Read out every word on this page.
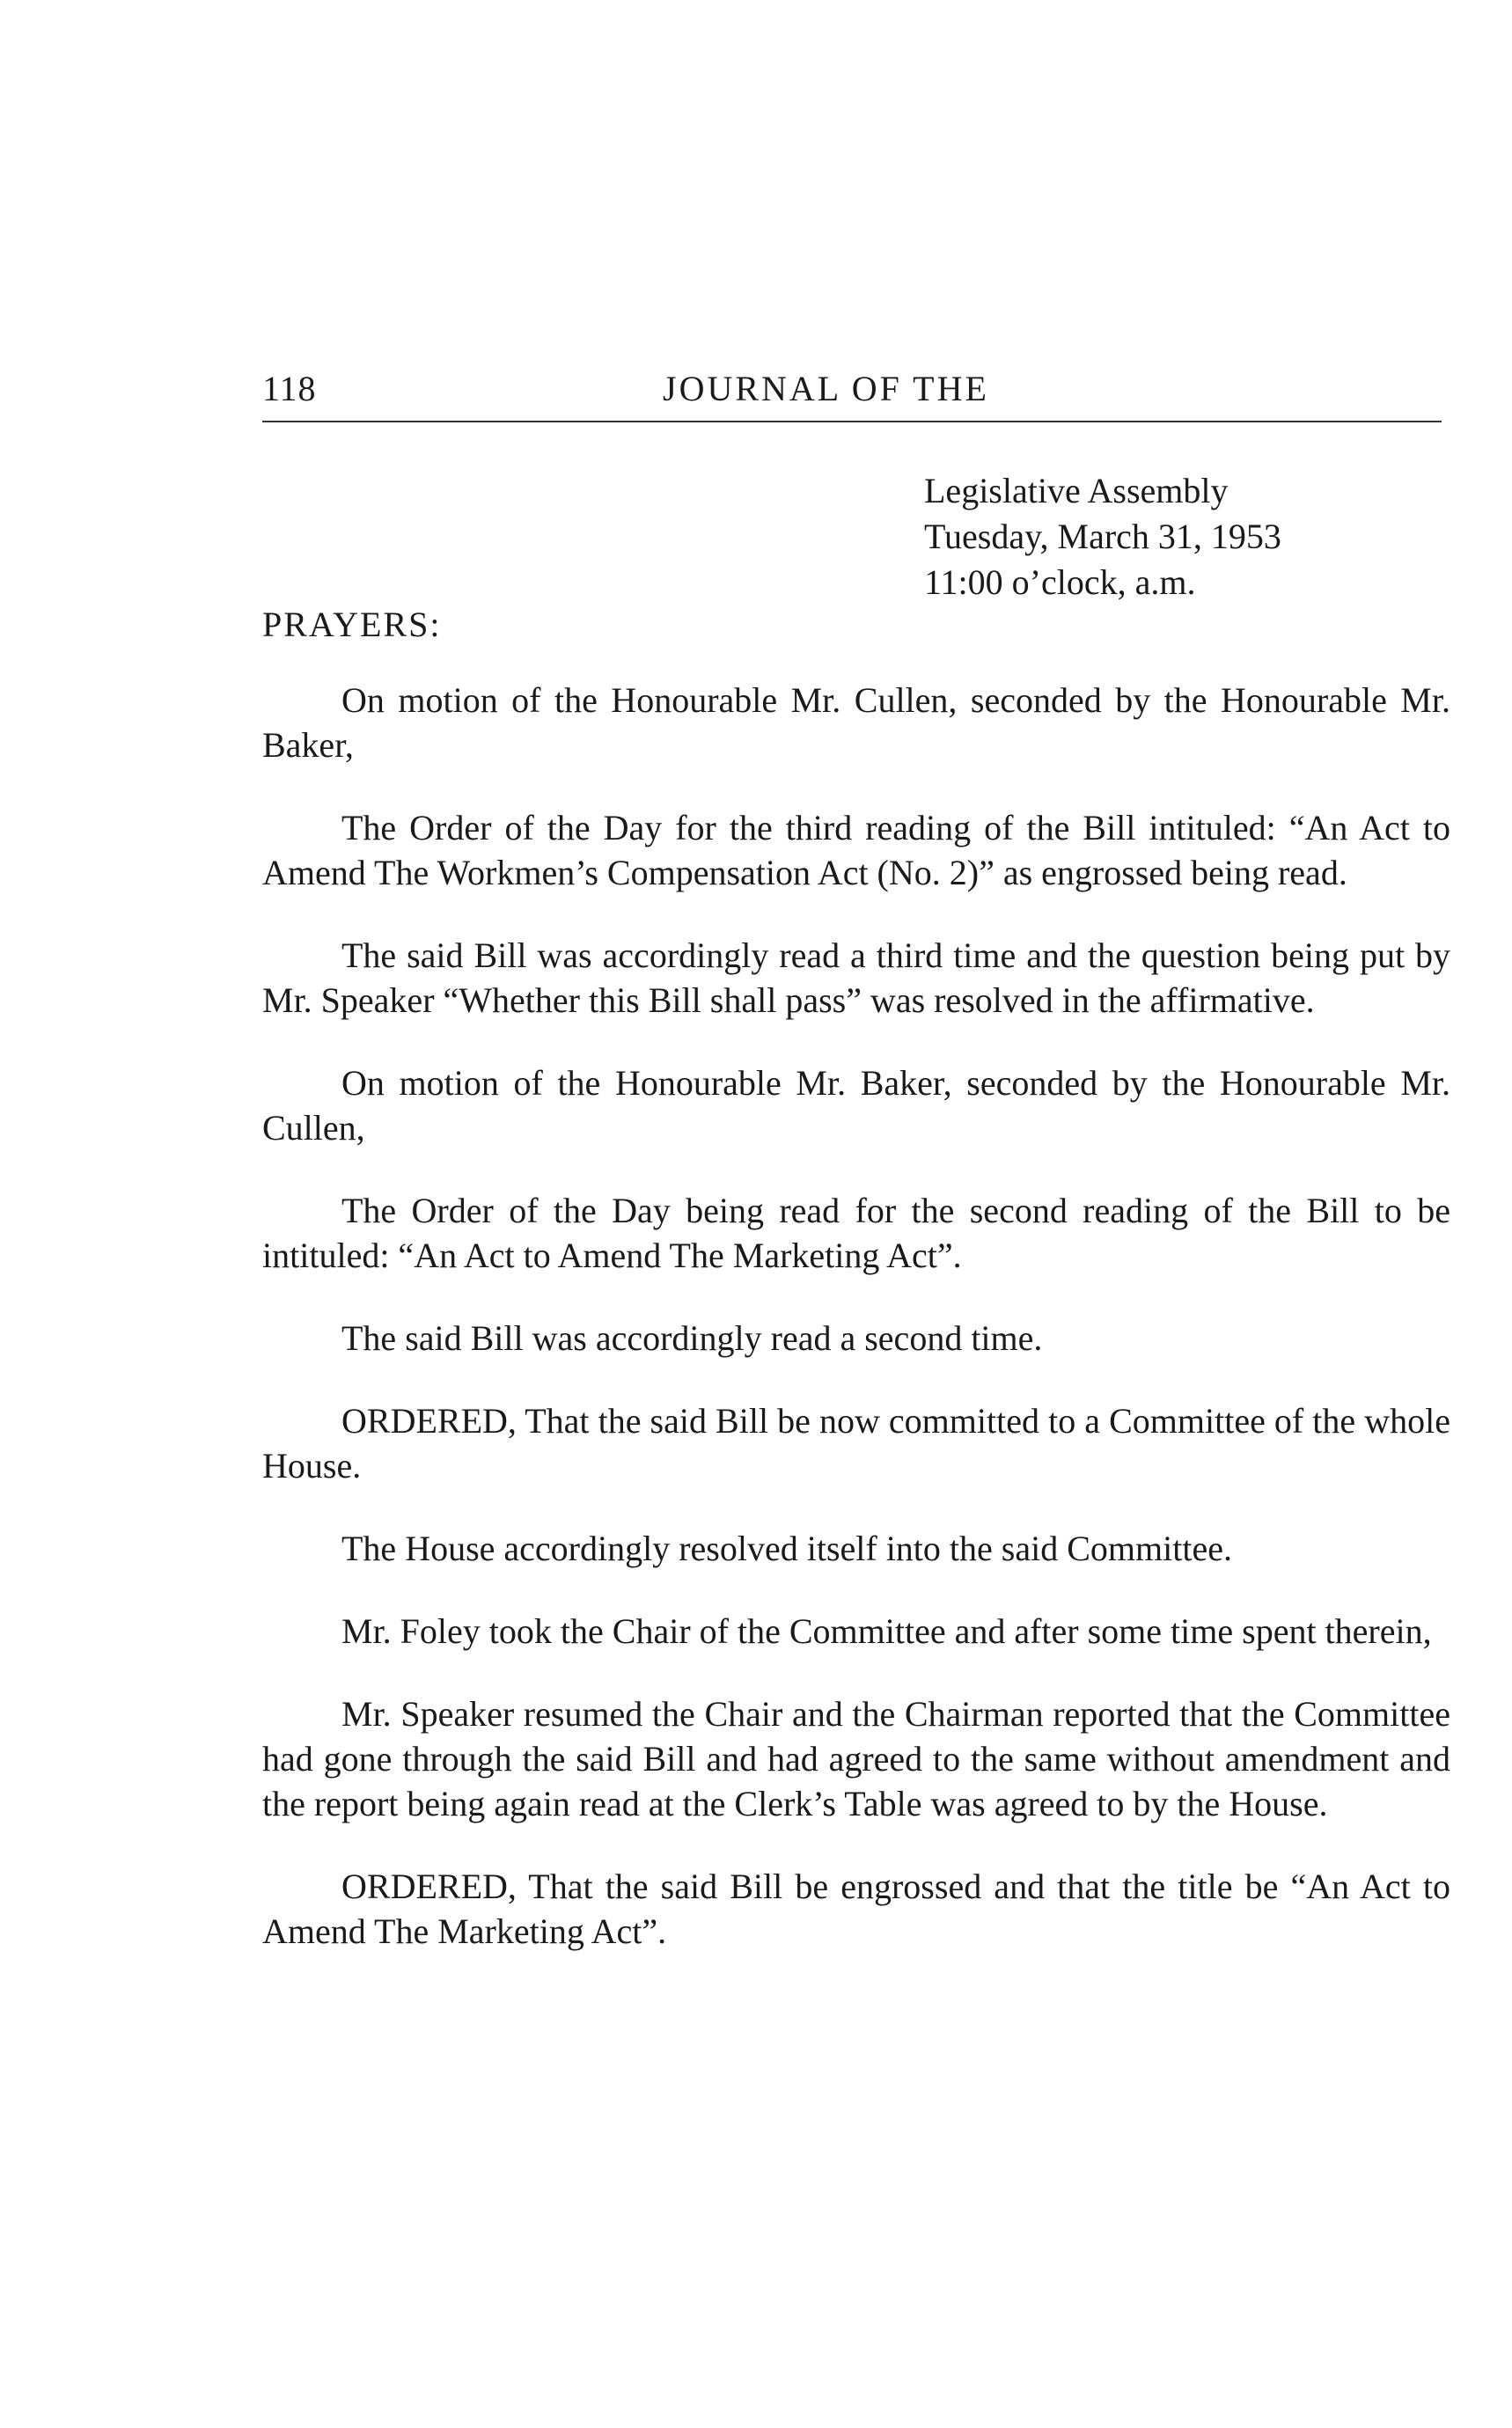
118	JOURNAL OF THE
Legislative Assembly
Tuesday, March 31, 1953
11:00 o’clock, a.m.
PRAYERS:

On motion of the Honourable Mr. Cullen, seconded by the Honourable Mr. Baker,

The Order of the Day for the third reading of the Bill intituled: “An Act to Amend The Workmen’s Compensation Act (No. 2)” as engrossed being read.

The said Bill was accordingly read a third time and the question being put by Mr. Speaker “Whether this Bill shall pass” was resolved in the affirmative.

On motion of the Honourable Mr. Baker, seconded by the Honourable Mr. Cullen,

The Order of the Day being read for the second reading of the Bill to be intituled: “An Act to Amend The Marketing Act”.

The said Bill was accordingly read a second time.

ORDERED, That the said Bill be now committed to a Committee of the whole House.

The House accordingly resolved itself into the said Committee.

Mr. Foley took the Chair of the Committee and after some time spent therein,

Mr. Speaker resumed the Chair and the Chairman reported that the Committee had gone through the said Bill and had agreed to the same without amendment and the report being again read at the Clerk’s Table was agreed to by the House.

ORDERED, That the said Bill be engrossed and that the title be “An Act to Amend The Marketing Act”.
